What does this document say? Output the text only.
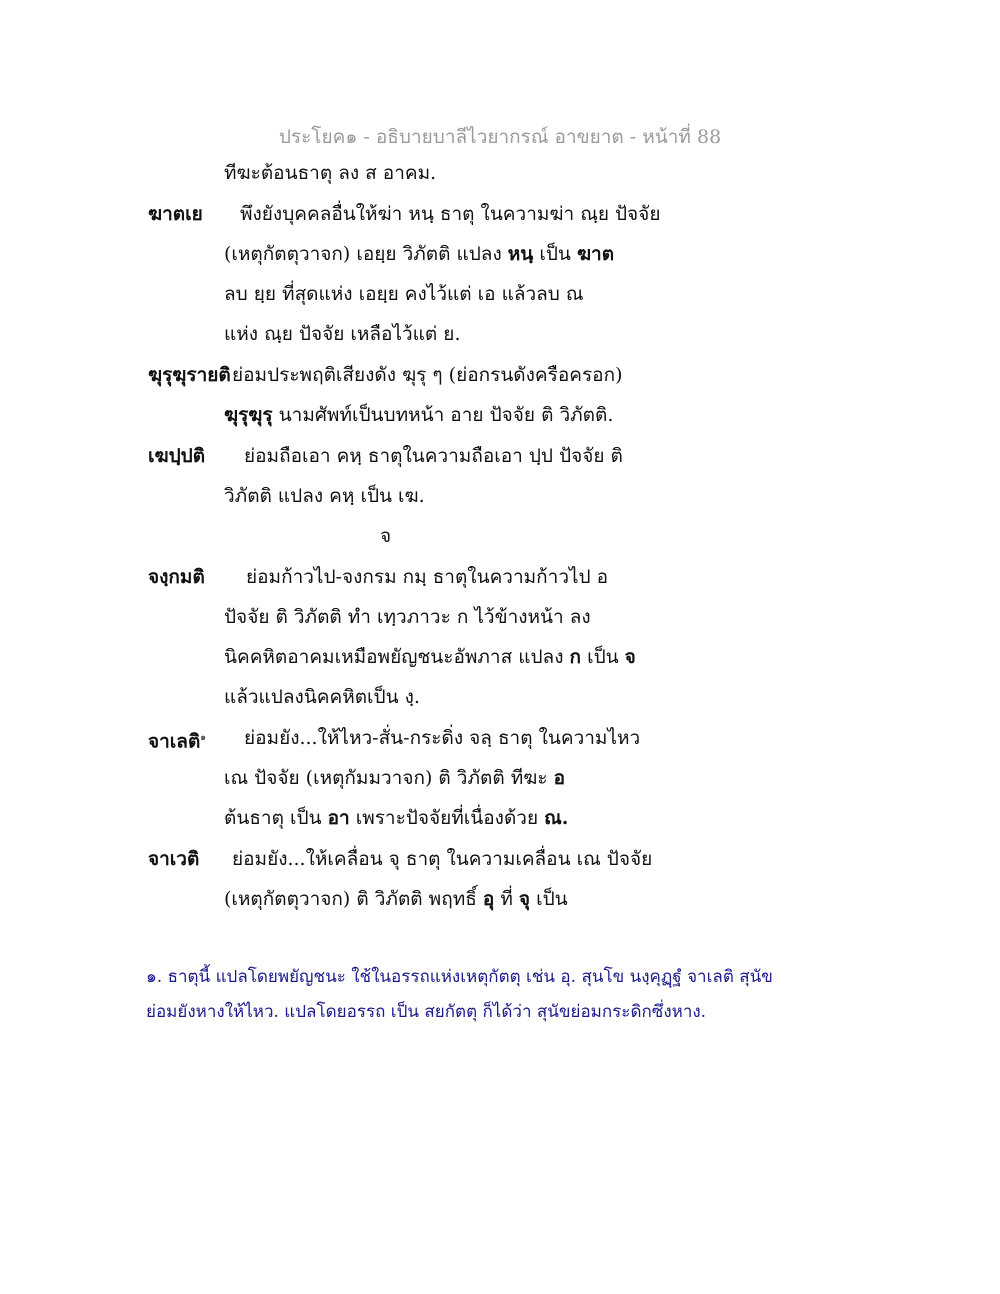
ประโยค๑ - อธิบายบาลีไวยากรณ์ อาขยาต - หน้าที่ 88
ทีฆะต้อนธาตุ ลง ส อาคม.
ฆาตเย พึงยังบุคคลอื่นให้ฆ่า หนฺ ธาตุ ในความฆ่า ณฺย ปัจจัย
(เหตุกัตตุวาจก) เอยฺย วิภัตติ แปลง หนฺ เป็น ฆาต
ลบ ยฺย ที่สุดแห่ง เอยฺย คงไว้แต่ เอ แล้วลบ ณ
แห่ง ณฺย ปัจจัย เหลือไว้แต่ ย.
ฆุรุฆุรายติ ย่อมประพฤติเสียงดัง ฆุรุ ๆ (ย่อกรนดังครือครอก)
ฆุรุฆุรุ นามศัพท์เป็นบทหน้า อาย ปัจจัย ติ วิภัตติ.
เฆปฺปติ ย่อมถือเอา คหฺ ธาตุในความถือเอา ปฺป ปัจจัย ติ
วิภัตติ แปลง คหฺ เป็น เฆ.
จ
จงฺกมติ ย่อมก้าวไป-จงกรม กมฺ ธาตุในความก้าวไป อ
ปัจจัย ติ วิภัตติ ทำ เทฺวภาวะ ก ไว้ข้างหน้า ลง
นิคคหิตอาคมเหมือพยัญชนะอัพภาส แปลง ก เป็น จ
แล้วแปลงนิคคหิตเป็น งฺ.
จาเลติ$^๑$ ย่อมยัง...ให้ไหว-สั่น-กระดิ่ง จลฺ ธาตุ ในความไหว
เณ ปัจจัย (เหตุกัมมวาจก) ติ วิภัตติ ทีฆะ อ
ต้นธาตุ เป็น อา เพราะปัจจัยที่เนื่องด้วย ณ.
จาเวติ ย่อมยัง...ให้เคลื่อน จุ ธาตุ ในความเคลื่อน เณ ปัจจัย
(เหตุกัตตุวาจก) ติ วิภัตติ พฤทธิ์ อุ ที่ จุ เป็น
๑. ธาตุนี้ แปลโดยพยัญชนะ ใช้ในอรรถแห่งเหตุกัตตุ เช่น อุ. สุนโข นงฺคุฏฺฐํ จาเลติ สุนัข
ย่อมยังหางให้ไหว. แปลโดยอรรถ เป็น สยกัตตุ ก็ได้ว่า สุนัขย่อมกระดิกซึ่งหาง.
